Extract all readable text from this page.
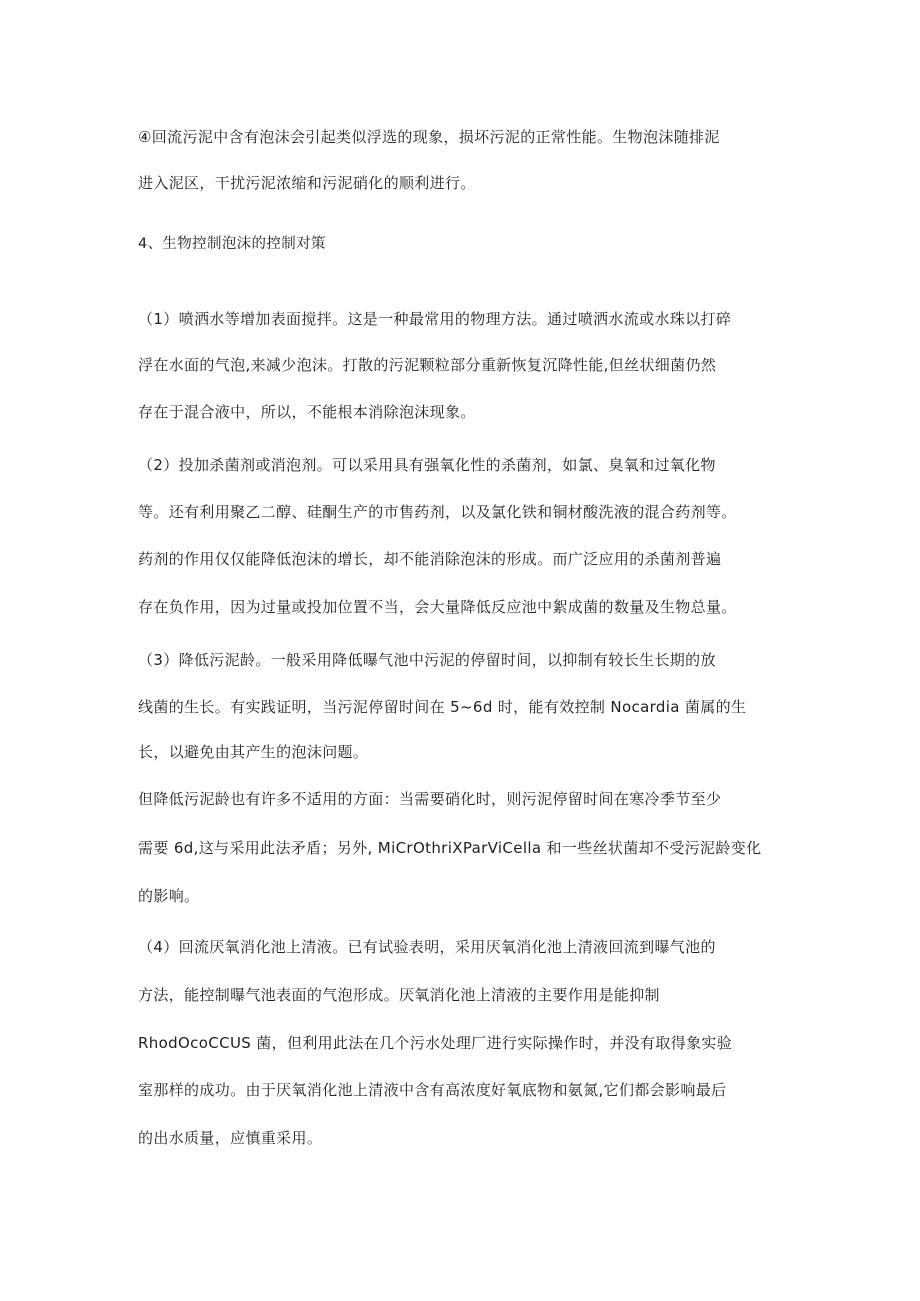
④回流污泥中含有泡沫会引起类似浮选的现象，损坏污泥的正常性能。生物泡沫随排泥

进入泥区，干扰污泥浓缩和污泥硝化的顺利进行。

4、生物控制泡沫的控制对策

（1）喷洒水等增加表面搅拌。这是一种最常用的物理方法。通过喷洒水流或水珠以打碎

浮在水面的气泡,来减少泡沫。打散的污泥颗粒部分重新恢复沉降性能,但丝状细菌仍然

存在于混合液中，所以，不能根本消除泡沫现象。

（2）投加杀菌剂或消泡剂。可以采用具有强氧化性的杀菌剂，如氯、臭氧和过氧化物

等。还有利用聚乙二醇、硅酮生产的市售药剂，以及氯化铁和铜材酸洗液的混合药剂等。

药剂的作用仅仅能降低泡沫的增长，却不能消除泡沫的形成。而广泛应用的杀菌剂普遍

存在负作用，因为过量或投加位置不当，会大量降低反应池中絮成菌的数量及生物总量。

（3）降低污泥龄。一般采用降低曝气池中污泥的停留时间，以抑制有较长生长期的放

线菌的生长。有实践证明，当污泥停留时间在 5~6d 时，能有效控制 Nocardia 菌属的生

长，以避免由其产生的泡沫问题。

但降低污泥龄也有许多不适用的方面：当需要硝化时，则污泥停留时间在寒冷季节至少

需要 6d,这与采用此法矛盾；另外, MiCrOthriXParViCella 和一些丝状菌却不受污泥龄变化

的影响。

（4）回流厌氧消化池上清液。已有试验表明，采用厌氧消化池上清液回流到曝气池的

方法，能控制曝气池表面的气泡形成。厌氧消化池上清液的主要作用是能抑制

RhodOcoCCUS 菌，但利用此法在几个污水处理厂进行实际操作时，并没有取得象实验

室那样的成功。由于厌氧消化池上清液中含有高浓度好氧底物和氨氮,它们都会影响最后

的出水质量，应慎重采用。
